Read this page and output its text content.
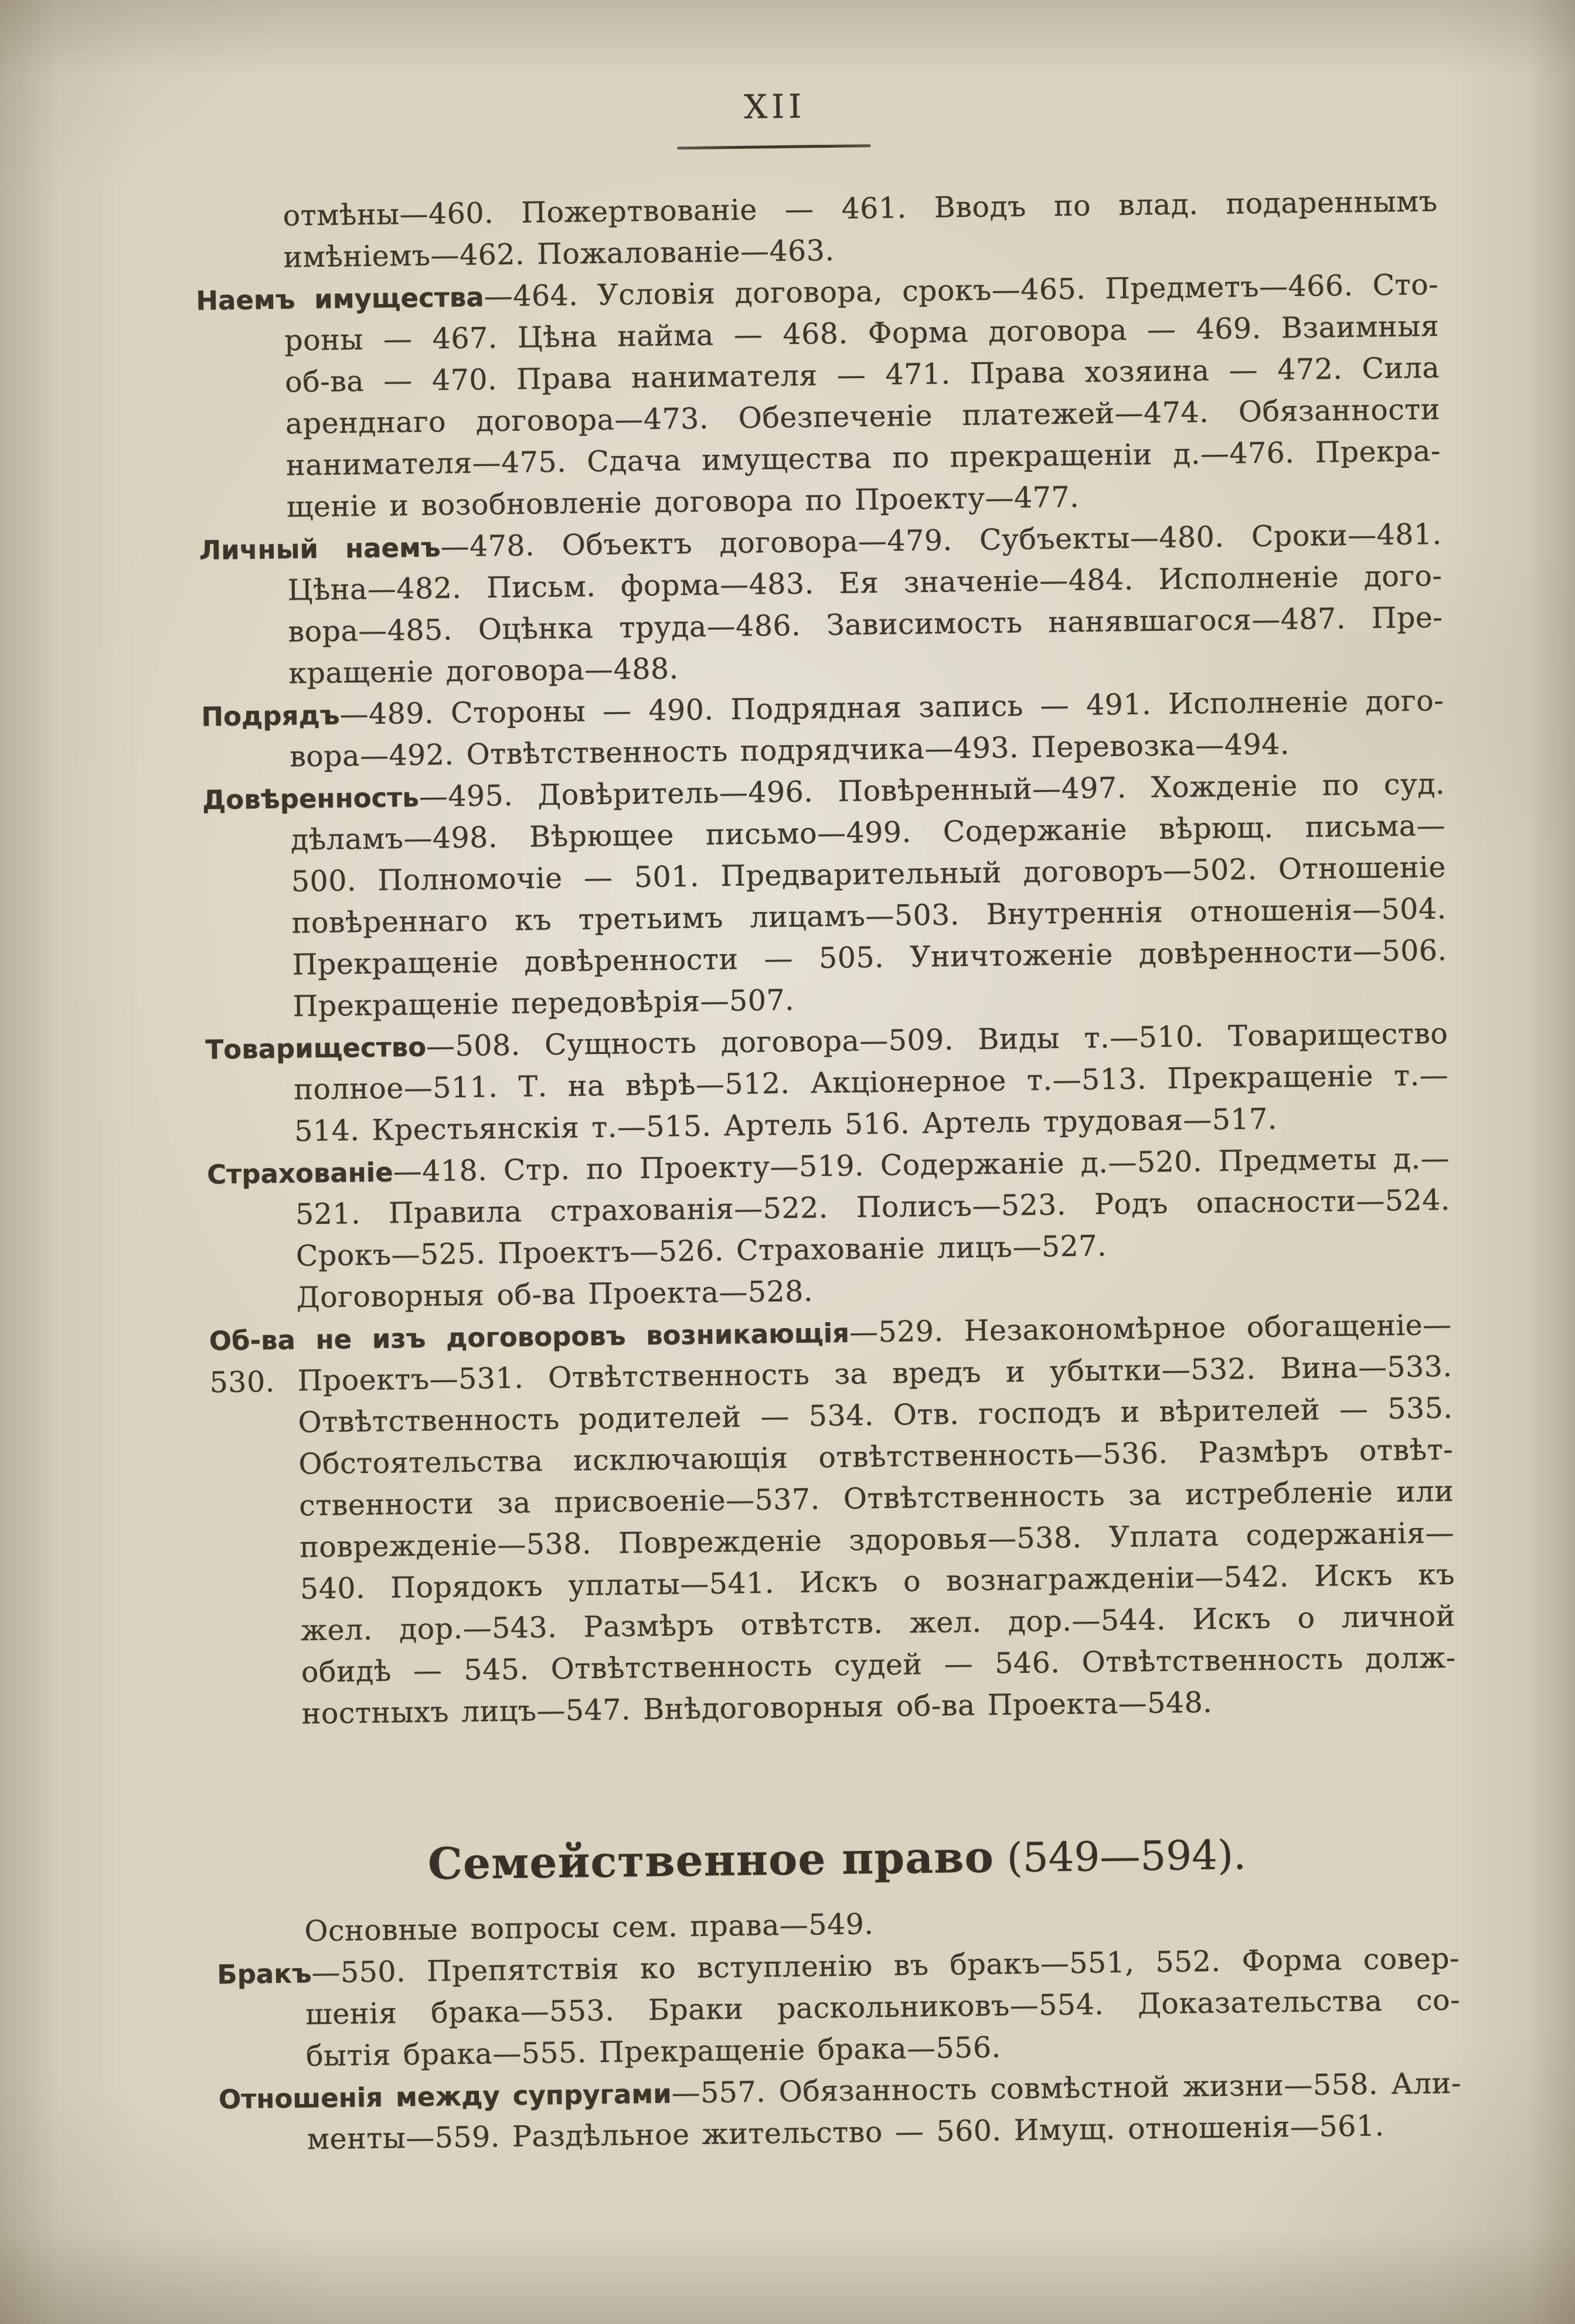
XII
отмѣны—460. Пожертвованіе — 461. Вводъ по влад. подареннымъ
имѣніемъ—462. Пожалованіе—463.
Наемъ имущества—464. Условія договора, срокъ—465. Предметъ—466. Сто-
роны — 467. Цѣна найма — 468. Форма договора — 469. Взаимныя
об-ва — 470. Права нанимателя — 471. Права хозяина — 472. Сила
аренднаго договора—473. Обезпеченіе платежей—474. Обязанности
нанимателя—475. Сдача имущества по прекращеніи д.—476. Прекра-
щеніе и возобновленіе договора по Проекту—477.
Личный наемъ—478. Объектъ договора—479. Субъекты—480. Сроки—481.
Цѣна—482. Письм. форма—483. Ея значеніе—484. Исполненіе дого-
вора—485. Оцѣнка труда—486. Зависимость нанявшагося—487. Пре-
кращеніе договора—488.
Подрядъ—489. Стороны — 490. Подрядная запись — 491. Исполненіе дого-
вора—492. Отвѣтственность подрядчика—493. Перевозка—494.
Довѣренность—495. Довѣритель—496. Повѣренный—497. Хожденіе по суд.
дѣламъ—498. Вѣрющее письмо—499. Содержаніе вѣрющ. письма—
500. Полномочіе — 501. Предварительный договоръ—502. Отношеніе
повѣреннаго къ третьимъ лицамъ—503. Внутреннія отношенія—504.
Прекращеніе довѣренности — 505. Уничтоженіе довѣренности—506.
Прекращеніе передовѣрія—507.
Товарищество—508. Сущность договора—509. Виды т.—510. Товарищество
полное—511. Т. на вѣрѣ—512. Акціонерное т.—513. Прекращеніе т.—
514. Крестьянскія т.—515. Артель 516. Артель трудовая—517.
Страхованіе—418. Стр. по Проекту—519. Содержаніе д.—520. Предметы д.—
521. Правила страхованія—522. Полисъ—523. Родъ опасности—524.
Срокъ—525. Проектъ—526. Страхованіе лицъ—527.
Договорныя об-ва Проекта—528.
Об-ва не изъ договоровъ возникающія—529. Незакономѣрное обогащеніе—530. Проектъ—531. Отвѣтственность за вредъ и убытки—532. Вина—533.
Отвѣтственность родителей — 534. Отв. господъ и вѣрителей — 535.
Обстоятельства исключающія отвѣтственность—536. Размѣръ отвѣт-
ственности за присвоеніе—537. Отвѣтственность за истребленіе или
поврежденіе—538. Поврежденіе здоровья—538. Уплата содержанія—
540. Порядокъ уплаты—541. Искъ о вознагражденіи—542. Искъ къ
жел. дор.—543. Размѣръ отвѣтств. жел. дор.—544. Искъ о личной
обидѣ — 545. Отвѣтственность судей — 546. Отвѣтственность долж-
ностныхъ лицъ—547. Внѣдоговорныя об-ва Проекта—548.
Семейственное право (549—594).
Основные вопросы сем. права—549.
Бракъ—550. Препятствія ко вступленію въ бракъ—551, 552. Форма совер-
шенія брака—553. Браки раскольниковъ—554. Доказательства со-
бытія брака—555. Прекращеніе брака—556.
Отношенія между супругами—557. Обязанность совмѣстной жизни—558. Али-
менты—559. Раздѣльное жительство — 560. Имущ. отношенія—561.
